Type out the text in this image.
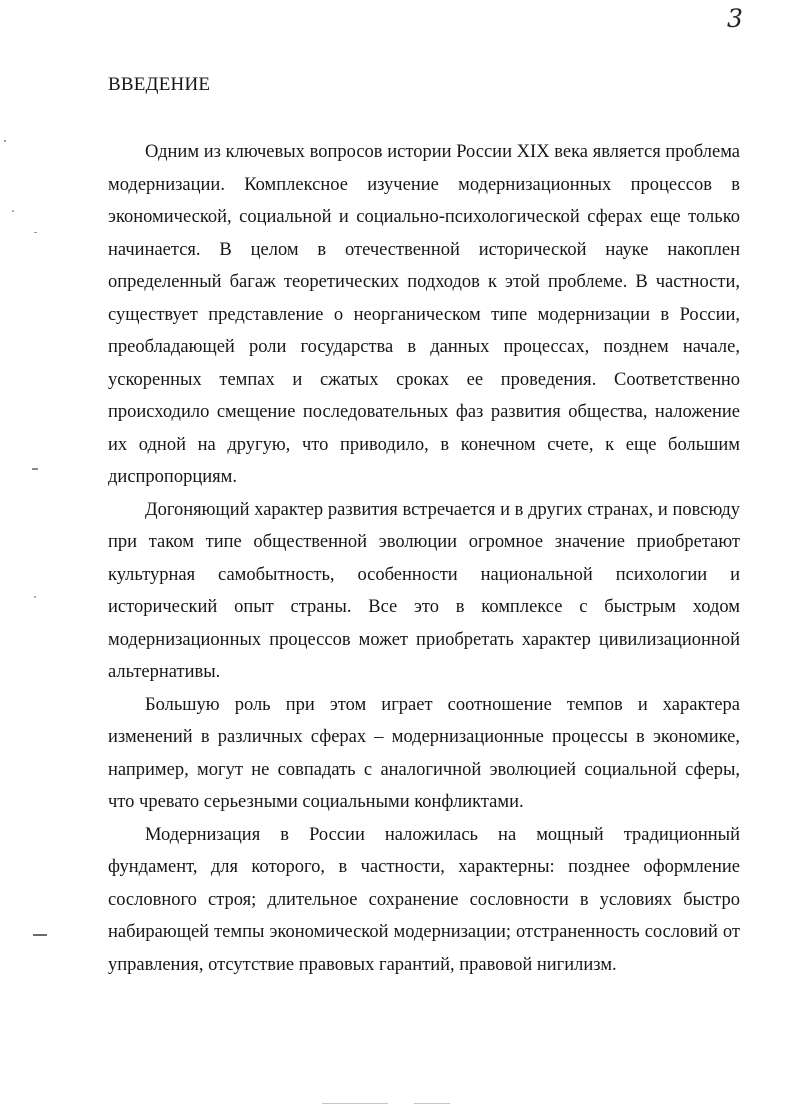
3
ВВЕДЕНИЕ

Одним из ключевых вопросов истории России XIX века является проблема модернизации. Комплексное изучение модернизационных процессов в экономической, социальной и социально-психологической сферах еще только начинается. В целом в отечественной исторической науке накоплен определенный багаж теоретических подходов к этой проблеме. В частности, существует представление о неорганическом типе модернизации в России, преобладающей роли государства в данных процессах, позднем начале, ускоренных темпах и сжатых сроках ее проведения. Соответственно происходило смещение последовательных фаз развития общества, наложение их одной на другую, что приводило, в конечном счете, к еще большим диспропорциям.

Догоняющий характер развития встречается и в других странах, и повсюду при таком типе общественной эволюции огромное значение приобретают культурная самобытность, особенности национальной психологии и исторический опыт страны. Все это в комплексе с быстрым ходом модернизационных процессов может приобретать характер цивилизационной альтернативы.

Большую роль при этом играет соотношение темпов и характера изменений в различных сферах – модернизационные процессы в экономике, например, могут не совпадать с аналогичной эволюцией социальной сферы, что чревато серьезными социальными конфликтами.

Модернизация в России наложилась на мощный традиционный фундамент, для которого, в частности, характерны: позднее оформление сословного строя; длительное сохранение сословности в условиях быстро набирающей темпы экономической модернизации; отстраненность сословий от управления, отсутствие правовых гарантий, правовой нигилизм.
